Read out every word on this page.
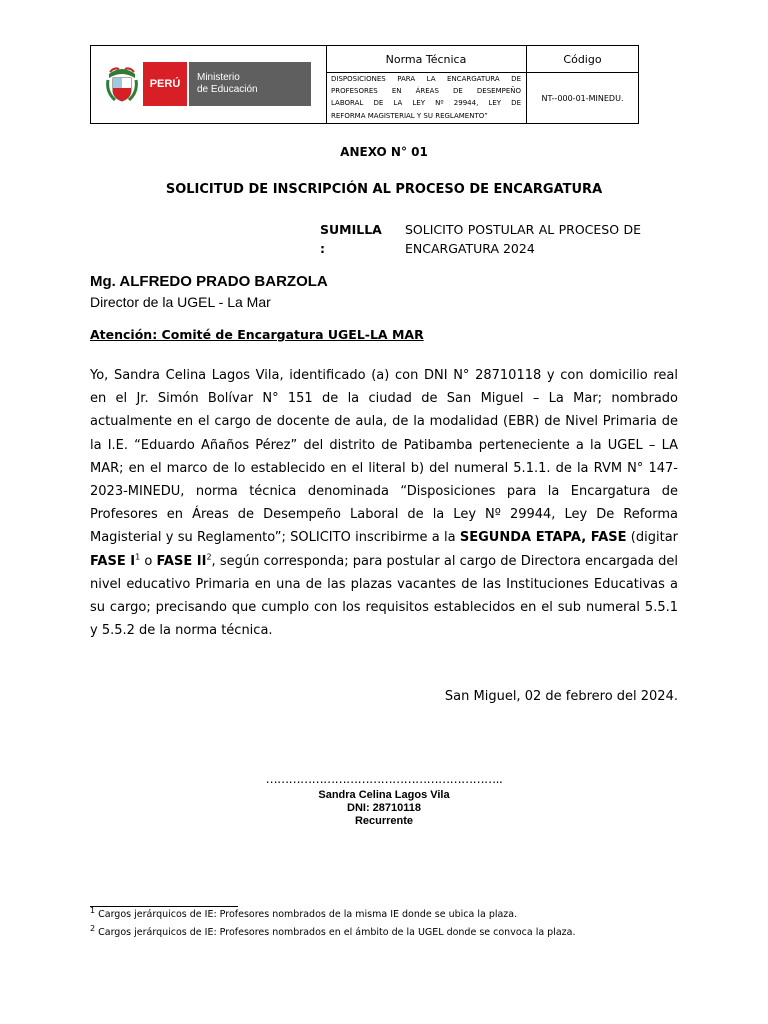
PERÚ
Ministerio
de Educación
Norma Técnica	Código
DISPOSICIONES PARA LA ENCARGATURA DE
PROFESORES EN ÁREAS DE DESEMPEÑO
LABORAL DE LA LEY Nº 29944, LEY DE
REFORMA MAGISTERIAL Y SU REGLAMENTO”
NT--000-01-MINEDU.
ANEXO N° 01
SOLICITUD DE INSCRIPCIÓN AL PROCESO DE ENCARGATURA
SUMILLA
:
SOLICITO POSTULAR AL PROCESO DE ENCARGATURA 2024
Mg. ALFREDO PRADO BARZOLA
Director de la UGEL - La Mar
Atención: Comité de Encargatura UGEL-LA MAR
Yo, Sandra Celina Lagos Vila, identificado (a) con DNI N° 28710118 y con domicilio real
en el Jr. Simón Bolívar N° 151 de la ciudad de San Miguel – La Mar; nombrado
actualmente en el cargo de docente de aula, de la modalidad (EBR) de Nivel Primaria de
la I.E. “Eduardo Añaños Pérez” del distrito de Patibamba perteneciente a la UGEL – LA
MAR; en el marco de lo establecido en el literal b) del numeral 5.1.1. de la RVM N° 147-
2023-MINEDU, norma técnica denominada “Disposiciones para la Encargatura de
Profesores en Áreas de Desempeño Laboral de la Ley Nº 29944, Ley De Reforma
Magisterial y su Reglamento”; SOLICITO inscribirme a la SEGUNDA ETAPA, FASE (digitar
FASE $I^1$ o FASE $II^2$, según corresponda; para postular al cargo de Directora encargada del
nivel educativo Primaria en una de las plazas vacantes de las Instituciones Educativas a
su cargo; precisando que cumplo con los requisitos establecidos en el sub numeral 5.5.1
y 5.5.2 de la norma técnica.
San Miguel, 02 de febrero del 2024.
……………………………………………………..
Sandra Celina Lagos Vila
DNI: 28710118
Recurrente
$^1$ Cargos jerárquicos de IE: Profesores nombrados de la misma IE donde se ubica la plaza.
$^2$ Cargos jerárquicos de IE: Profesores nombrados en el ámbito de la UGEL donde se convoca la plaza.
